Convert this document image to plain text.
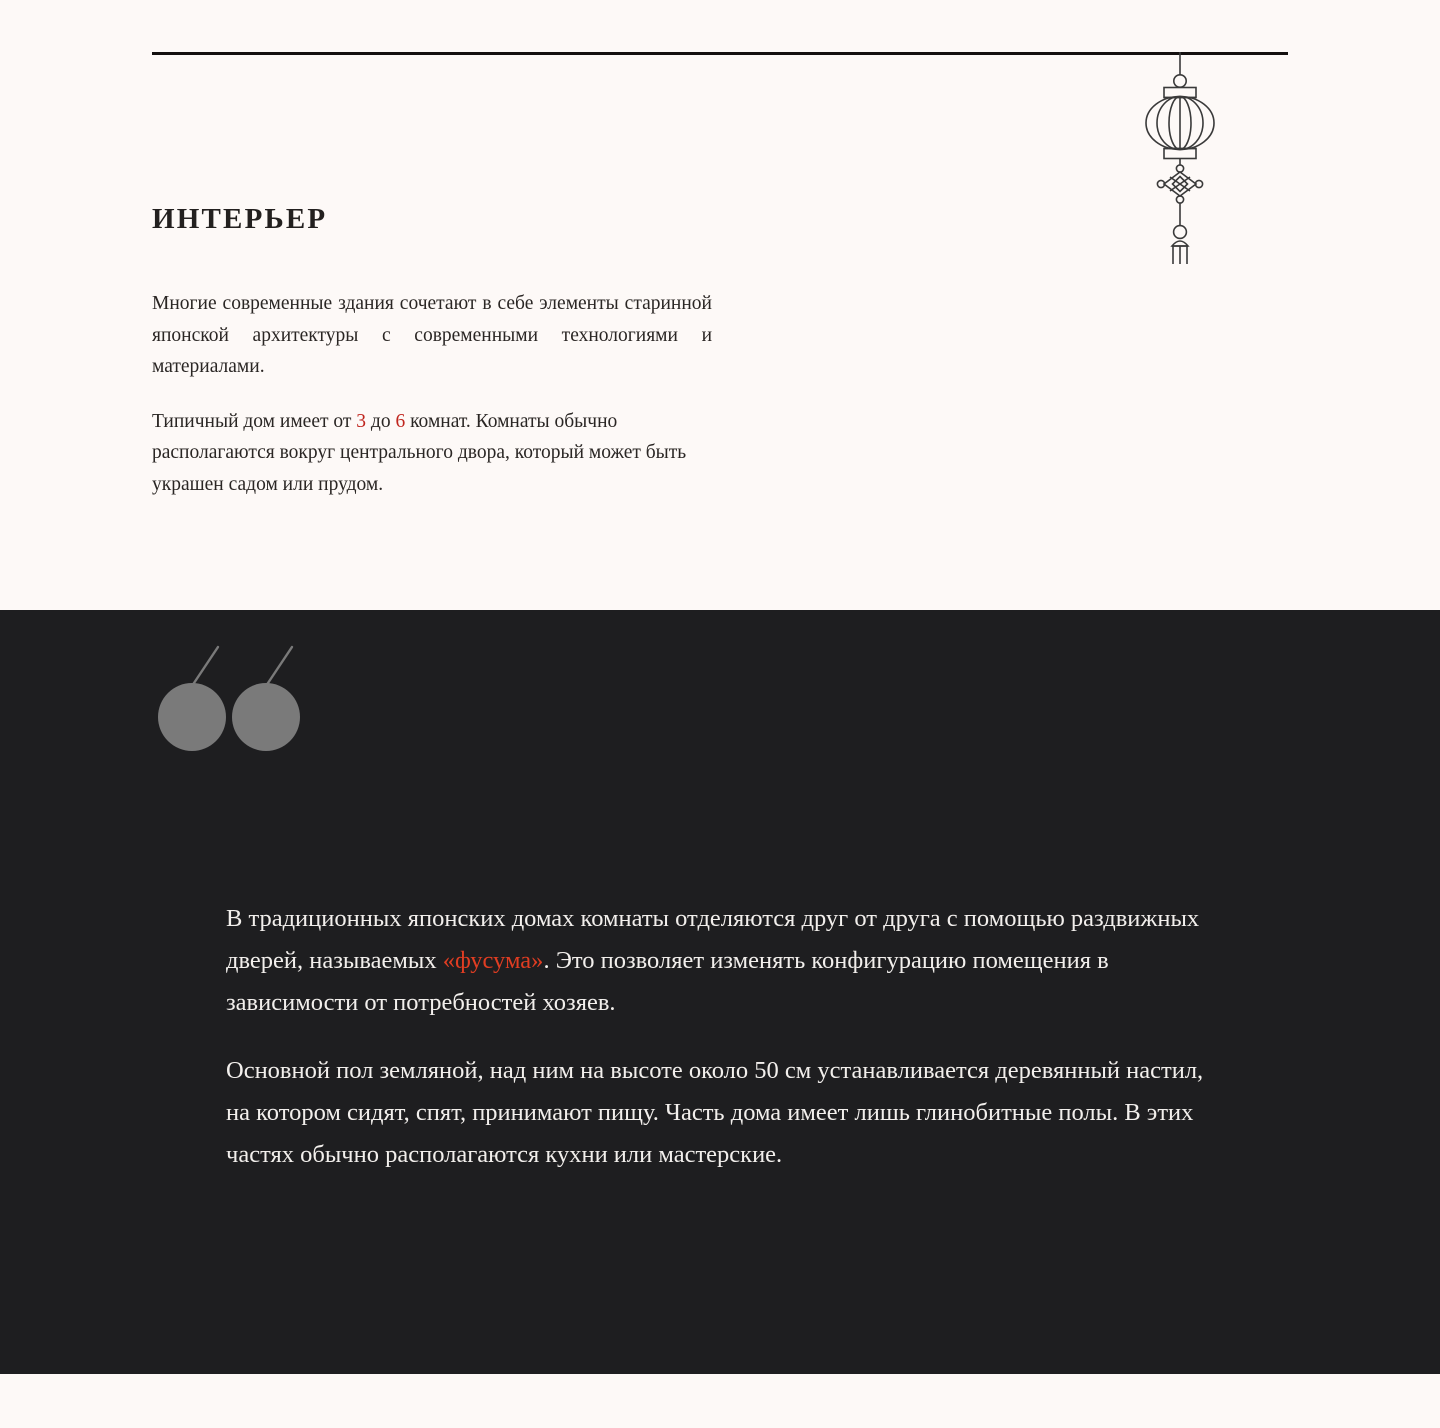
ИНТЕРЬЕР

Многие современные здания сочетают в себе элементы старинной японской архитектуры с современными технологиями и материалами.

Типичный дом имеет от 3 до 6 комнат. Комнаты обычно располагаются вокруг центрального двора, который может быть украшен садом или прудом.

В традиционных японских домах комнаты отделяются друг от друга с помощью раздвижных дверей, называемых «фусума». Это позволяет изменять конфигурацию помещения в зависимости от потребностей хозяев.

Основной пол земляной, над ним на высоте около 50 см устанавливается деревянный настил, на котором сидят, спят, принимают пищу. Часть дома имеет лишь глинобитные полы. В этих частях обычно располагаются кухни или мастерские.
